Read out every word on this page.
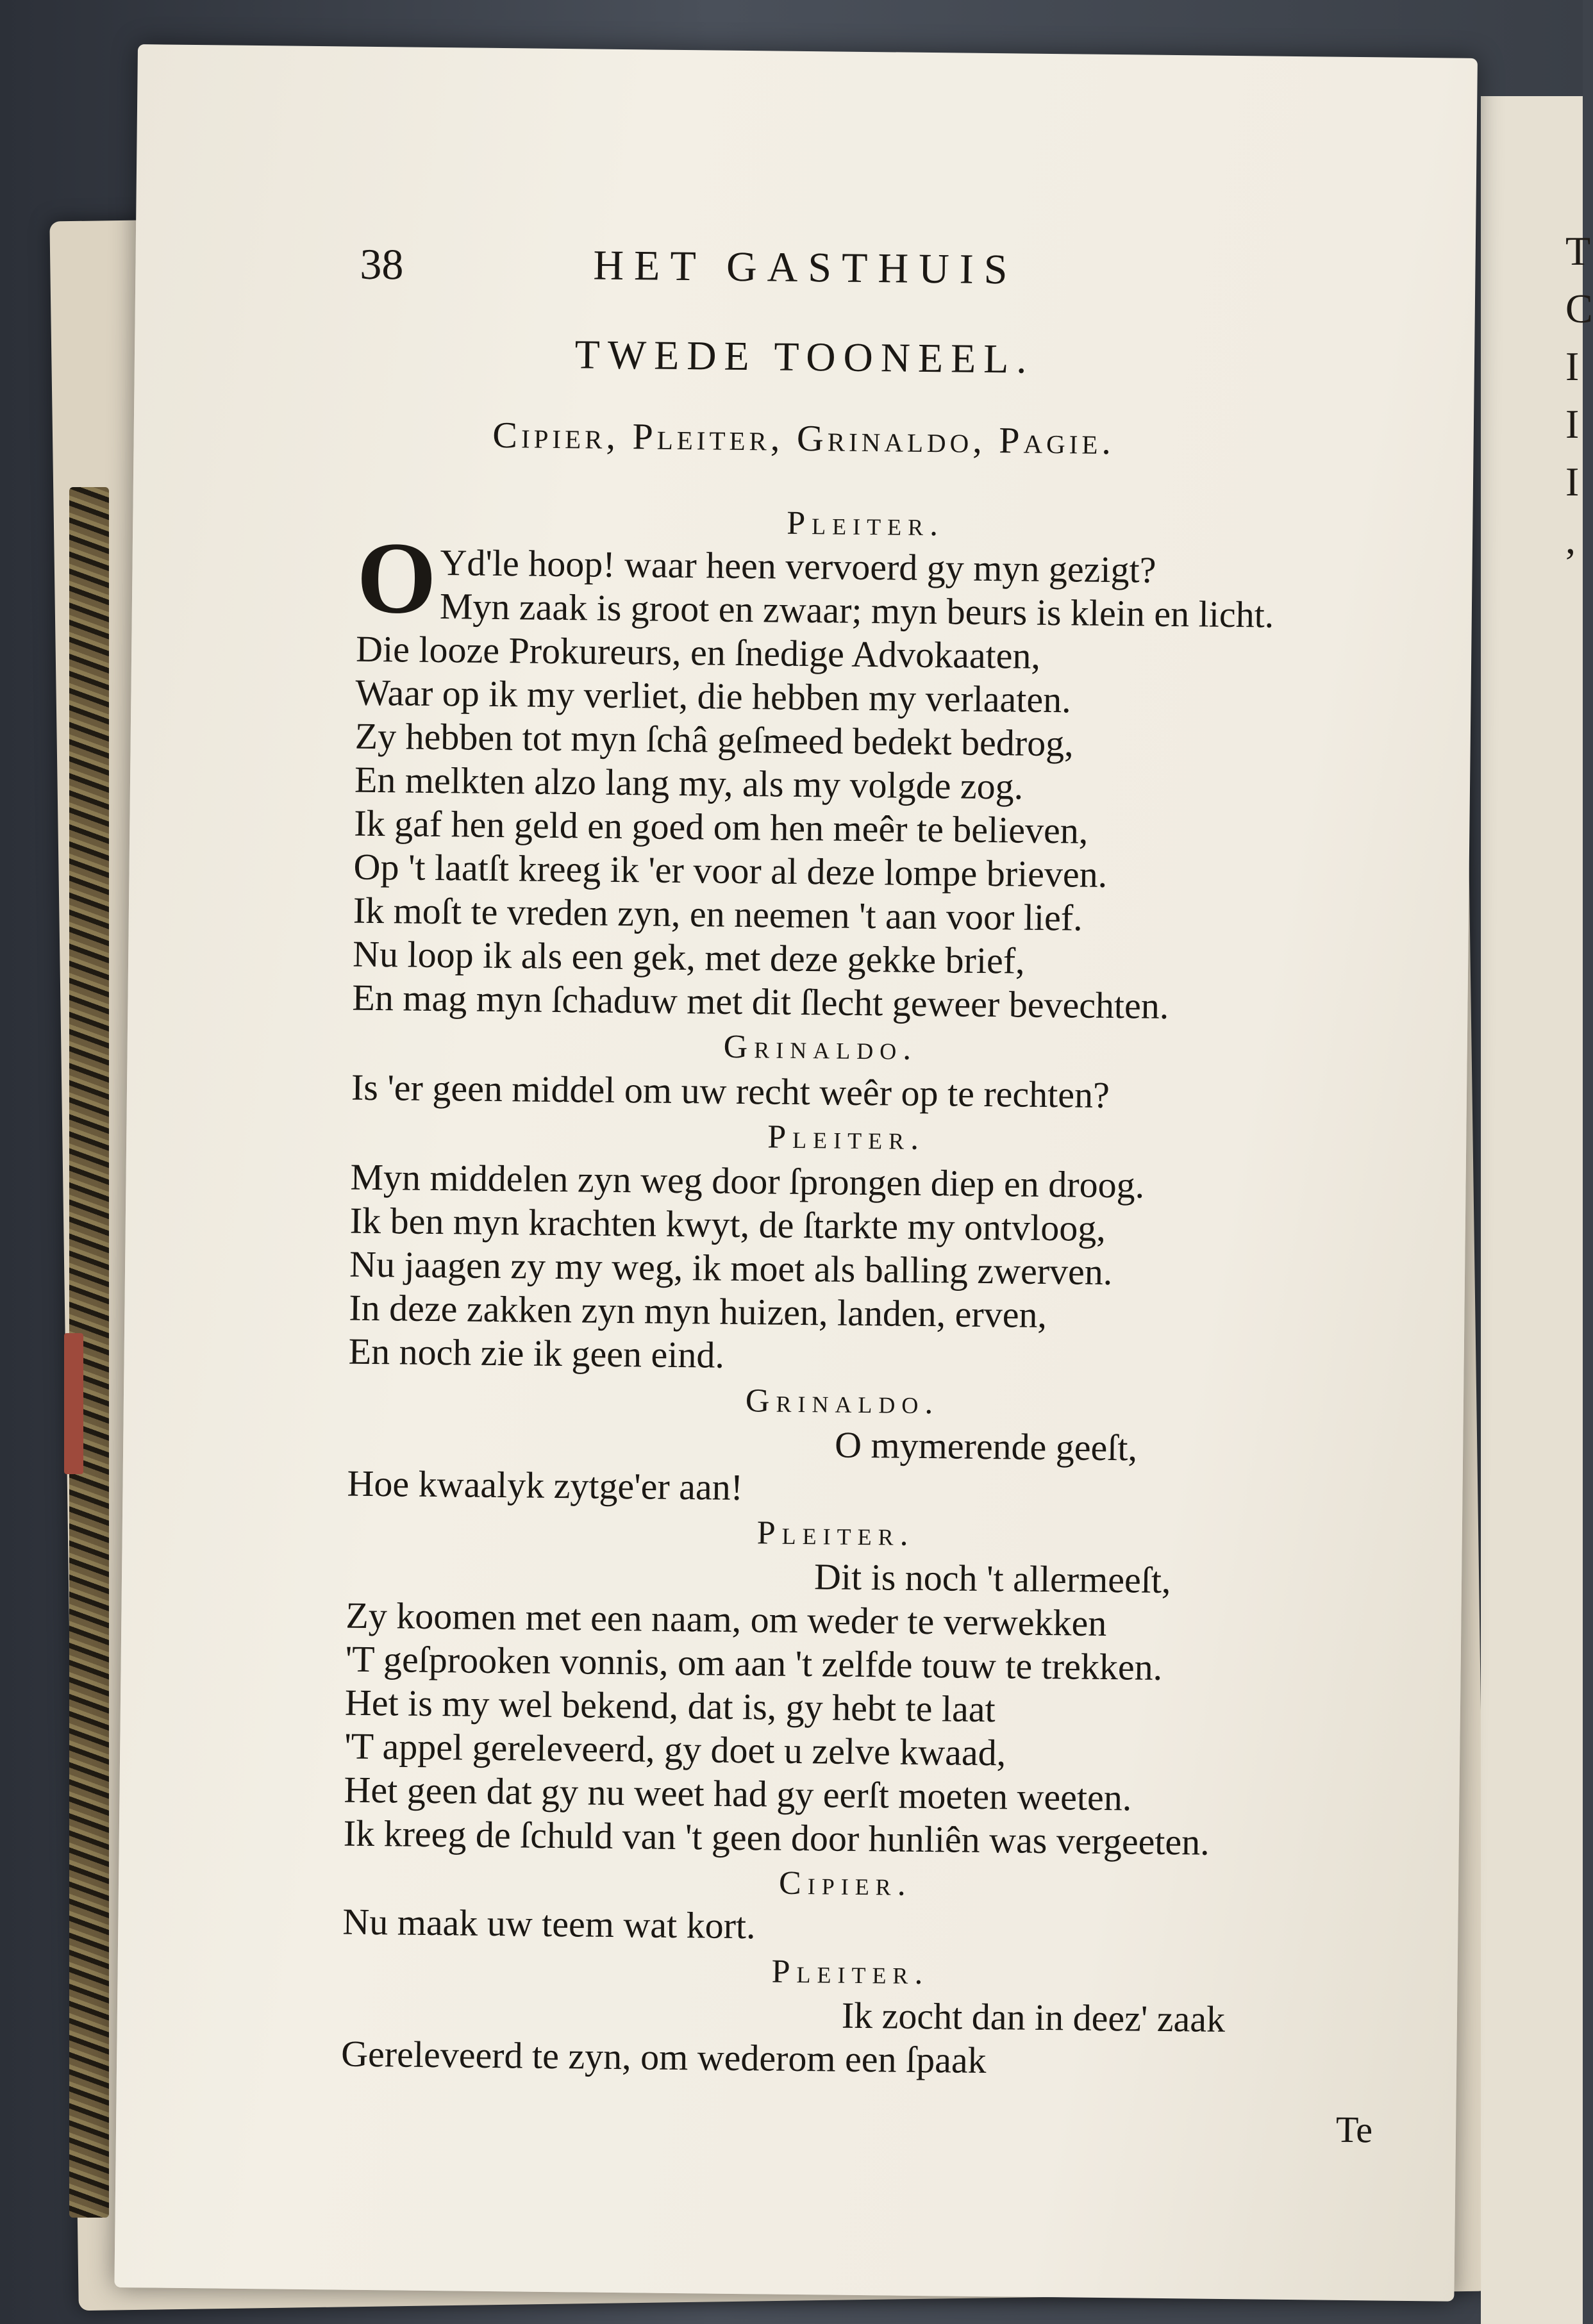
T
C
I
I
I
,
38	HET GASTHUIS
TWEDE TOONEEL.
Cipier, Pleiter, Grinaldo, Pagie.
Pleiter.
O Yd'le hoop! waar heen vervoerd gy myn gezigt?
Myn zaak is groot en zwaar; myn beurs is klein en licht.
Die looze Prokureurs, en ſnedige Advokaaten,
Waar op ik my verliet, die hebben my verlaaten.
Zy hebben tot myn ſchâ geſmeed bedekt bedrog,
En melkten alzo lang my, als my volgde zog.
Ik gaf hen geld en goed om hen meêr te believen,
Op 't laatſt kreeg ik 'er voor al deze lompe brieven.
Ik moſt te vreden zyn, en neemen 't aan voor lief.
Nu loop ik als een gek, met deze gekke brief,
En mag myn ſchaduw met dit ſlecht geweer bevechten.
Grinaldo.
Is 'er geen middel om uw recht weêr op te rechten?
Pleiter.
Myn middelen zyn weg door ſprongen diep en droog.
Ik ben myn krachten kwyt, de ſtarkte my ontvloog,
Nu jaagen zy my weg, ik moet als balling zwerven.
In deze zakken zyn myn huizen, landen, erven,
En noch zie ik geen eind.
Grinaldo.
O mymerende geeſt,
Hoe kwaalyk zytge'er aan!
Pleiter.
Dit is noch 't allermeeſt,
Zy koomen met een naam, om weder te verwekken
'T geſprooken vonnis, om aan 't zelfde touw te trekken.
Het is my wel bekend, dat is, gy hebt te laat
'T appel gereleveerd, gy doet u zelve kwaad,
Het geen dat gy nu weet had gy eerſt moeten weeten.
Ik kreeg de ſchuld van 't geen door hunliên was vergeeten.
Cipier.
Nu maak uw teem wat kort.
Pleiter.
Ik zocht dan in deez' zaak
Gereleveerd te zyn, om wederom een ſpaak
Te
